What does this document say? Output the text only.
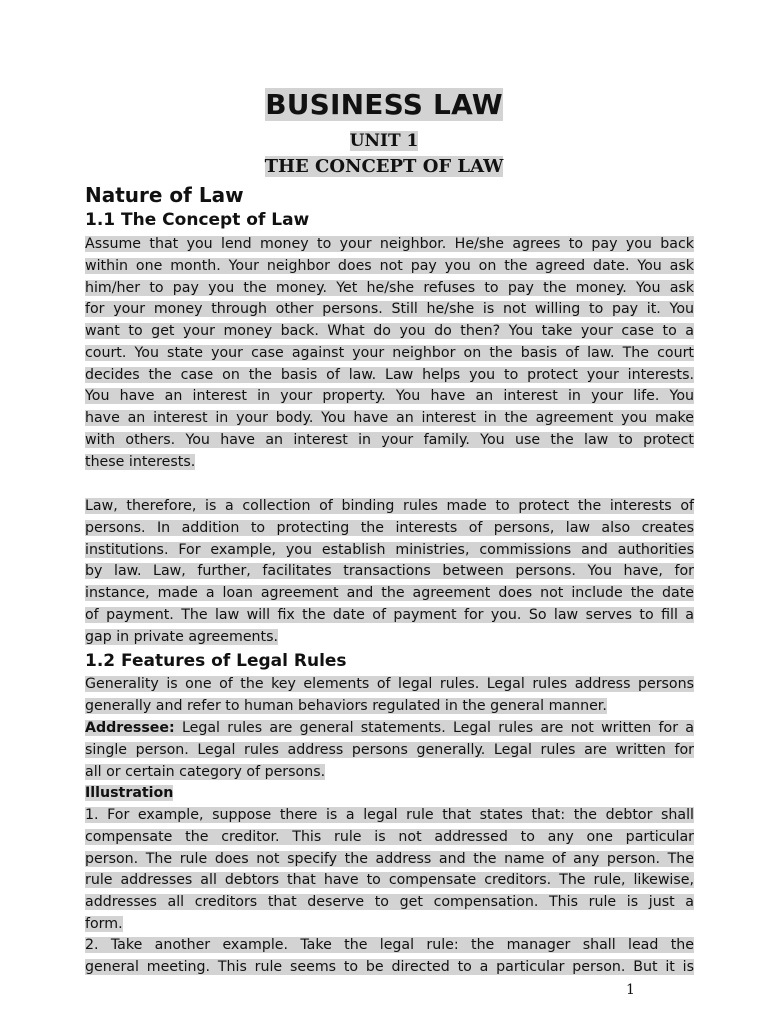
BUSINESS LAW
UNIT 1
THE CONCEPT OF LAW
Nature of Law
1.1 The Concept of Law
Assume that you lend money to your neighbor. He/she agrees to pay you back
within one month. Your neighbor does not pay you on the agreed date. You ask
him/her to pay you the money. Yet he/she refuses to pay the money. You ask
for your money through other persons. Still he/she is not willing to pay it. You
want to get your money back. What do you do then? You take your case to a
court. You state your case against your neighbor on the basis of law. The court
decides the case on the basis of law. Law helps you to protect your interests.
You have an interest in your property. You have an interest in your life. You
have an interest in your body. You have an interest in the agreement you make
with others. You have an interest in your family. You use the law to protect
these interests.
Law, therefore, is a collection of binding rules made to protect the interests of
persons. In addition to protecting the interests of persons, law also creates
institutions. For example, you establish ministries, commissions and authorities
by law. Law, further, facilitates transactions between persons. You have, for
instance, made a loan agreement and the agreement does not include the date
of payment. The law will fix the date of payment for you. So law serves to fill a
gap in private agreements.
1.2 Features of Legal Rules
Generality is one of the key elements of legal rules. Legal rules address persons
generally and refer to human behaviors regulated in the general manner.
Addressee: Legal rules are general statements. Legal rules are not written for a
single person. Legal rules address persons generally. Legal rules are written for
all or certain category of persons.
Illustration
1. For example, suppose there is a legal rule that states that: the debtor shall
compensate the creditor. This rule is not addressed to any one particular
person. The rule does not specify the address and the name of any person. The
rule addresses all debtors that have to compensate creditors. The rule, likewise,
addresses all creditors that deserve to get compensation. This rule is just a
form.
2. Take another example. Take the legal rule: the manager shall lead the
general meeting. This rule seems to be directed to a particular person. But it is
1
